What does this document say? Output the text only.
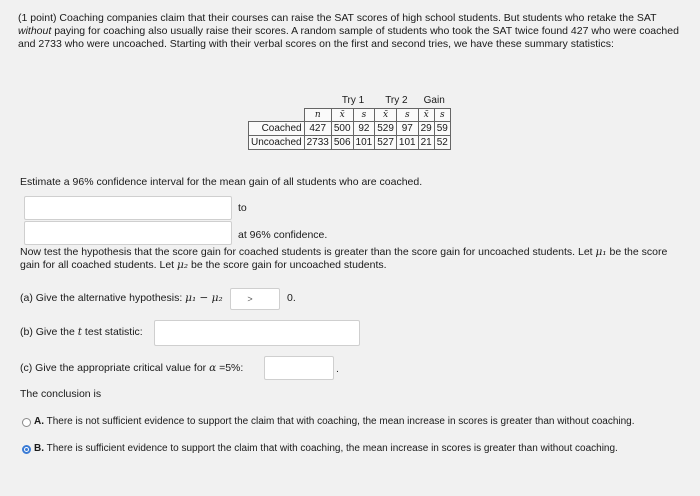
(1 point) Coaching companies claim that their courses can raise the SAT scores of high school students. But students who retake the SAT without paying for coaching also usually raise their scores. A random sample of students who took the SAT twice found 427 who were coached and 2733 who were uncoached. Starting with their verbal scores on the first and second tries, we have these summary statistics:
		Try 1		Try 2		Gain	
	n	x̄	s	x̄	s	x̄	s
Coached	427	500	92	529	97	29	59
Uncoached	2733	506	101	527	101	21	52
Estimate a 96% confidence interval for the mean gain of all students who are coached.
to
at 96% confidence.
Now test the hypothesis that the score gain for coached students is greater than the score gain for uncoached students. Let μ₁ be the score gain for all coached students. Let μ₂ be the score gain for uncoached students.
(a) Give the alternative hypothesis: μ₁ − μ₂	>	0.
(b) Give the t test statistic:
(c) Give the appropriate critical value for α =5%:	.
The conclusion is
A. There is not sufficient evidence to support the claim that with coaching, the mean increase in scores is greater than without coaching.
B. There is sufficient evidence to support the claim that with coaching, the mean increase in scores is greater than without coaching.
